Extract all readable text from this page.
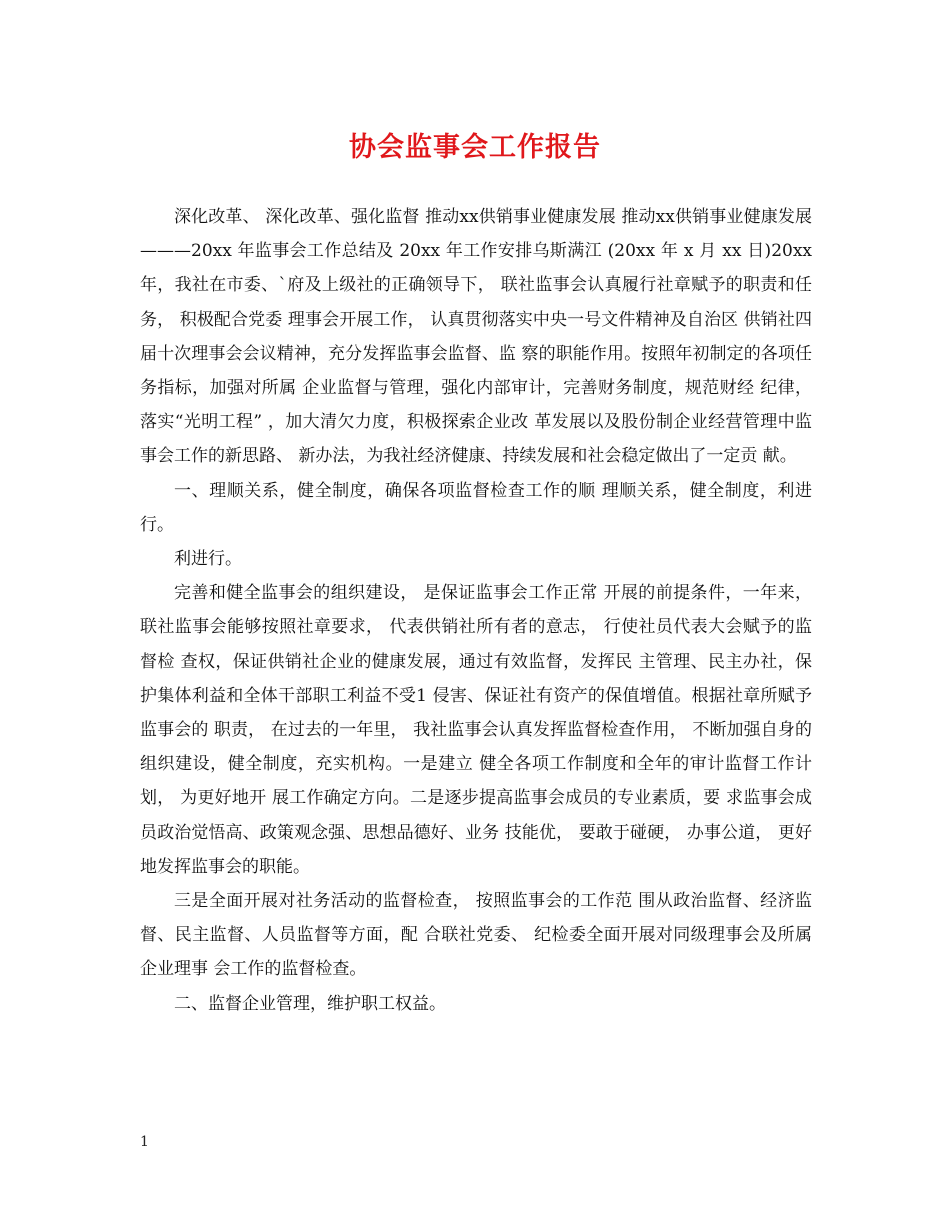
协会监事会工作报告

深化改革、 深化改革、强化监督 推动xx供销事业健康发展 推动xx供销事业健康发展———20xx 年监事会工作总结及 20xx 年工作安排乌斯满江 (20xx 年 x 月 xx 日)20xx 年，我社在市委、`府及上级社的正确领导下， 联社监事会认真履行社章赋予的职责和任务， 积极配合党委 理事会开展工作， 认真贯彻落实中央一号文件精神及自治区 供销社四届十次理事会会议精神，充分发挥监事会监督、监 察的职能作用。按照年初制定的各项任务指标，加强对所属 企业监督与管理，强化内部审计，完善财务制度，规范财经 纪律，落实“光明工程” ，加大清欠力度，积极探索企业改 革发展以及股份制企业经营管理中监事会工作的新思路、 新办法，为我社经济健康、持续发展和社会稳定做出了一定贡 献。

一、理顺关系，健全制度，确保各项监督检查工作的顺 理顺关系，健全制度，利进行。

利进行。

完善和健全监事会的组织建设， 是保证监事会工作正常 开展的前提条件，一年来，联社监事会能够按照社章要求， 代表供销社所有者的意志， 行使社员代表大会赋予的监督检 查权，保证供销社企业的健康发展，通过有效监督，发挥民 主管理、民主办社，保护集体利益和全体干部职工利益不受1 侵害、保证社有资产的保值增值。根据社章所赋予监事会的 职责， 在过去的一年里， 我社监事会认真发挥监督检查作用， 不断加强自身的组织建设，健全制度，充实机构。一是建立 健全各项工作制度和全年的审计监督工作计划， 为更好地开 展工作确定方向。二是逐步提高监事会成员的专业素质，要 求监事会成员政治觉悟高、政策观念强、思想品德好、业务 技能优， 要敢于碰硬， 办事公道， 更好地发挥监事会的职能。

三是全面开展对社务活动的监督检查， 按照监事会的工作范 围从政治监督、经济监督、民主监督、人员监督等方面，配 合联社党委、 纪检委全面开展对同级理事会及所属企业理事 会工作的监督检查。

二、监督企业管理，维护职工权益。

1
